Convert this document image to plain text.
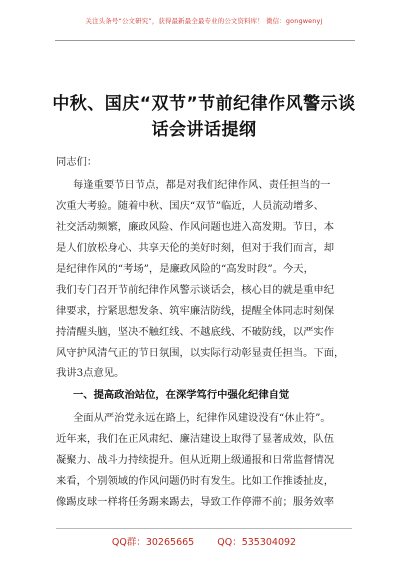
关注头条号“公文研究”，获得最新最全最专业的公文资料库！ 微信：gongwenyj
中秋、国庆“双节”节前纪律作风警示谈
话会讲话提纲
同志们：
每逢重要节日节点，都是对我们纪律作风、责任担当的一
次重大考验。随着中秋、国庆“双节”临近，人员流动增多、
社交活动频繁，廉政风险、作风问题也进入高发期。节日，本
是人们放松身心、共享天伦的美好时刻，但对于我们而言，却
是纪律作风的“考场”，是廉政风险的“高发时段”。今天，
我们专门召开节前纪律作风警示谈话会，核心目的就是重申纪
律要求，拧紧思想发条、筑牢廉洁防线，提醒全体同志时刻保
持清醒头脑，坚决不触红线、不越底线、不破防线，以严实作
风守护风清气正的节日氛围，以实际行动彰显责任担当。下面，
一、提高政治站位，在深学笃行中强化纪律自觉
全面从严治党永远在路上，纪律作风建设没有“休止符”。
近年来，我们在正风肃纪、廉洁建设上取得了显著成效，队伍
凝聚力、战斗力持续提升。但从近期上级通报和日常监督情况
来看，个别领域的作风问题仍时有发生。比如工作推诿扯皮，
像踢皮球一样将任务踢来踢去，导致工作停滞不前；服务效率
QQ群：30265665 QQ：535304092
我讲3点意见。
